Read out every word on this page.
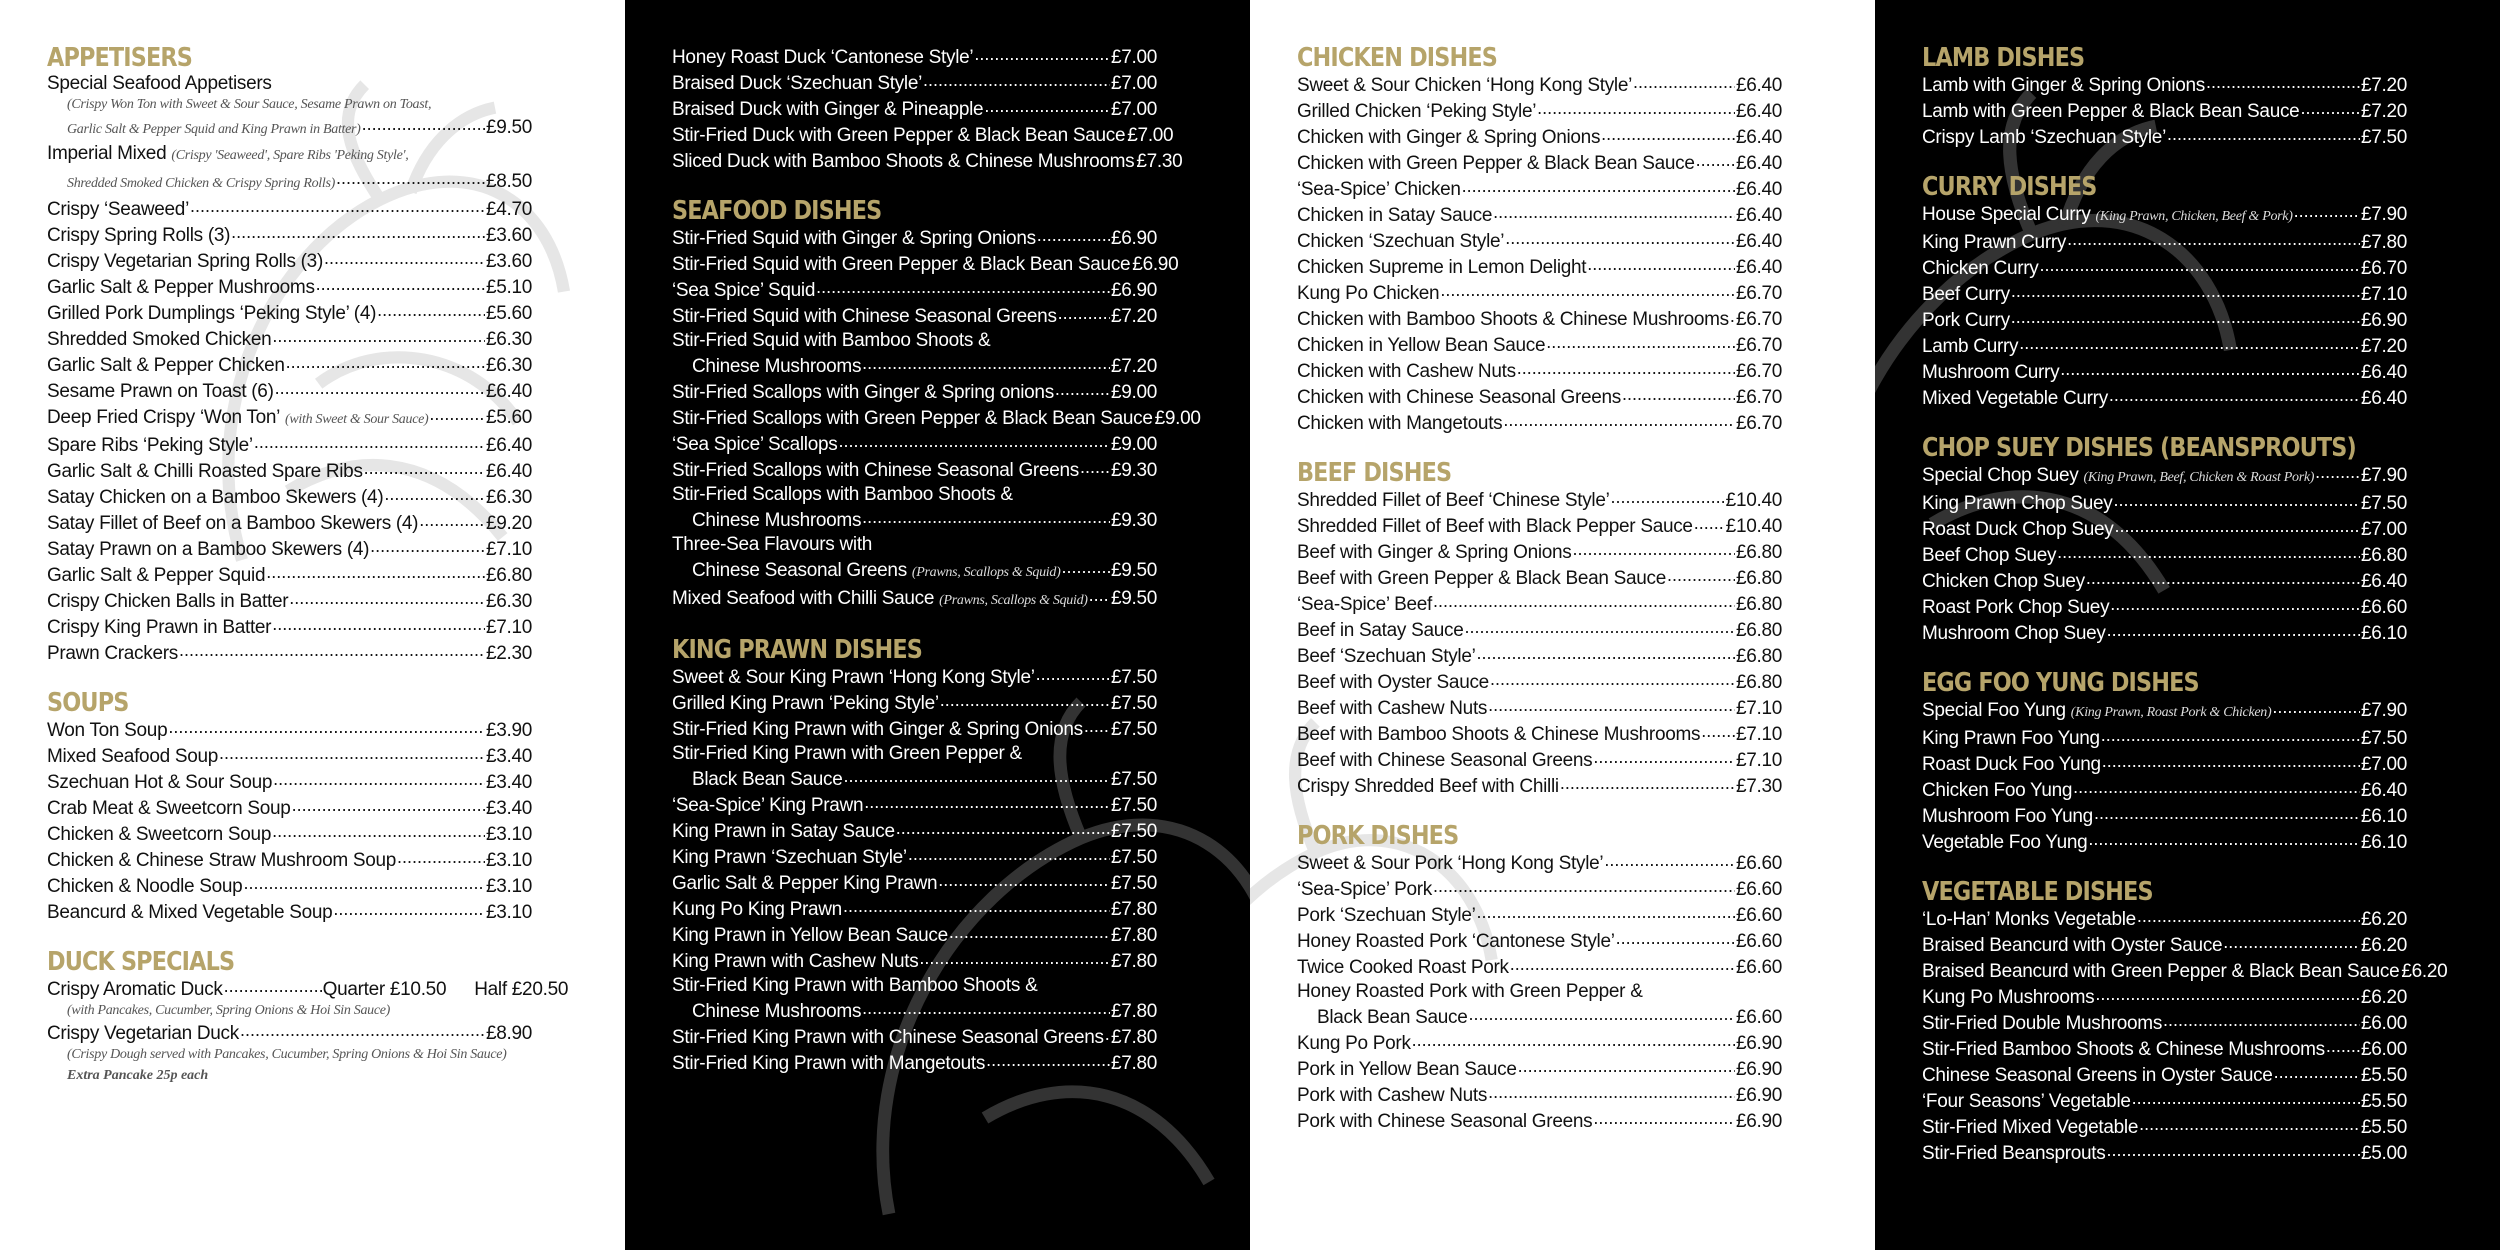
APPETISERS
Special Seafood Appetisers
(Crispy Won Ton with Sweet & Sour Sauce, Sesame Prawn on Toast,
Garlic Salt & Pepper Squid and King Prawn in Batter) .....	£9.50
Imperial Mixed (Crispy 'Seaweed', Spare Ribs 'Peking Style',
Shredded Smoked Chicken & Crispy Spring Rolls) .....	£8.50
Crispy ‘Seaweed’ .....	£4.70
Crispy Spring Rolls (3) .....	£3.60
Crispy Vegetarian Spring Rolls (3) .....	£3.60
Garlic Salt & Pepper Mushrooms .....	£5.10
Grilled Pork Dumplings ‘Peking Style’ (4) .....	£5.60
Shredded Smoked Chicken .....	£6.30
Garlic Salt & Pepper Chicken .....	£6.30
Sesame Prawn on Toast (6) .....	£6.40
Deep Fried Crispy ‘Won Ton’ (with Sweet & Sour Sauce) .....	£5.60
Spare Ribs ‘Peking Style’ .....	£6.40
Garlic Salt & Chilli Roasted Spare Ribs .....	£6.40
Satay Chicken on a Bamboo Skewers (4) .....	£6.30
Satay Fillet of Beef on a Bamboo Skewers (4) .....	£9.20
Satay Prawn on a Bamboo Skewers (4) .....	£7.10
Garlic Salt & Pepper Squid .....	£6.80
Crispy Chicken Balls in Batter .....	£6.30
Crispy King Prawn in Batter .....	£7.10
Prawn Crackers .....	£2.30
SOUPS
Won Ton Soup .....	£3.90
Mixed Seafood Soup .....	£3.40
Szechuan Hot & Sour Soup .....	£3.40
Crab Meat & Sweetcorn Soup .....	£3.40
Chicken & Sweetcorn Soup .....	£3.10
Chicken & Chinese Straw Mushroom Soup .....	£3.10
Chicken & Noodle Soup .....	£3.10
Beancurd & Mixed Vegetable Soup .....	£3.10
DUCK SPECIALS
Crispy Aromatic Duck .....	Quarter £10.50 Half £20.50
(with Pancakes, Cucumber, Spring Onions & Hoi Sin Sauce)
Crispy Vegetarian Duck .....	£8.90
(Crispy Dough served with Pancakes, Cucumber, Spring Onions & Hoi Sin Sauce)
Extra Pancake 25p each
Honey Roast Duck ‘Cantonese Style’ .....	£7.00
Braised Duck ‘Szechuan Style’ .....	£7.00
Braised Duck with Ginger & Pineapple .....	£7.00
Stir-Fried Duck with Green Pepper & Black Bean Sauce £7.00
Sliced Duck with Bamboo Shoots & Chinese Mushrooms £7.30
SEAFOOD DISHES
Stir-Fried Squid with Ginger & Spring Onions .....	£6.90
Stir-Fried Squid with Green Pepper & Black Bean Sauce £6.90
‘Sea Spice’ Squid .....	£6.90
Stir-Fried Squid with Chinese Seasonal Greens .....	£7.20
Stir-Fried Squid with Bamboo Shoots &
Chinese Mushrooms .....	£7.20
Stir-Fried Scallops with Ginger & Spring onions .....	£9.00
Stir-Fried Scallops with Green Pepper & Black Bean Sauce £9.00
‘Sea Spice’ Scallops .....	£9.00
Stir-Fried Scallops with Chinese Seasonal Greens ..... £9.30
Stir-Fried Scallops with Bamboo Shoots &
Chinese Mushrooms .....	£9.30
Three-Sea Flavours with
Chinese Seasonal Greens (Prawns, Scallops & Squid) .....	£9.50
Mixed Seafood with Chilli Sauce (Prawns, Scallops & Squid) ..... £9.50
KING PRAWN DISHES
Sweet & Sour King Prawn ‘Hong Kong Style’ .....	£7.50
Grilled King Prawn ‘Peking Style’ .....	£7.50
Stir-Fried King Prawn with Ginger & Spring Onions ..... £7.50
Stir-Fried King Prawn with Green Pepper &
Black Bean Sauce .....	£7.50
‘Sea-Spice’ King Prawn .....	£7.50
King Prawn in Satay Sauce .....	£7.50
King Prawn ‘Szechuan Style’ .....	£7.50
Garlic Salt & Pepper King Prawn .....	£7.50
Kung Po King Prawn .....	£7.80
King Prawn in Yellow Bean Sauce .....	£7.80
King Prawn with Cashew Nuts .....	£7.80
Stir-Fried King Prawn with Bamboo Shoots &
Chinese Mushrooms .....	£7.80
Stir-Fried King Prawn with Chinese Seasonal Greens ..... £7.80
Stir-Fried King Prawn with Mangetouts .....	£7.80
CHICKEN DISHES
Sweet & Sour Chicken ‘Hong Kong Style’ .....	£6.40
Grilled Chicken ‘Peking Style’ .....	£6.40
Chicken with Ginger & Spring Onions .....	£6.40
Chicken with Green Pepper & Black Bean Sauce ..... £6.40
‘Sea-Spice’ Chicken .....	£6.40
Chicken in Satay Sauce .....	£6.40
Chicken ‘Szechuan Style’ .....	£6.40
Chicken Supreme in Lemon Delight .....	£6.40
Kung Po Chicken .....	£6.70
Chicken with Bamboo Shoots & Chinese Mushrooms ..... £6.70
Chicken in Yellow Bean Sauce .....	£6.70
Chicken with Cashew Nuts .....	£6.70
Chicken with Chinese Seasonal Greens .....	£6.70
Chicken with Mangetouts .....	£6.70
BEEF DISHES
Shredded Fillet of Beef ‘Chinese Style’ .....	£10.40
Shredded Fillet of Beef with Black Pepper Sauce ..... £10.40
Beef with Ginger & Spring Onions .....	£6.80
Beef with Green Pepper & Black Bean Sauce .....	£6.80
‘Sea-Spice’ Beef .....	£6.80
Beef in Satay Sauce .....	£6.80
Beef ‘Szechuan Style’ .....	£6.80
Beef with Oyster Sauce .....	£6.80
Beef with Cashew Nuts .....	£7.10
Beef with Bamboo Shoots & Chinese Mushrooms ..... £7.10
Beef with Chinese Seasonal Greens .....	£7.10
Crispy Shredded Beef with Chilli .....	£7.30
PORK DISHES
Sweet & Sour Pork ‘Hong Kong Style’ .....	£6.60
‘Sea-Spice’ Pork .....	£6.60
Pork ‘Szechuan Style’ .....	£6.60
Honey Roasted Pork ‘Cantonese Style’ .....	£6.60
Twice Cooked Roast Pork .....	£6.60
Honey Roasted Pork with Green Pepper &
Black Bean Sauce .....	£6.60
Kung Po Pork .....	£6.90
Pork in Yellow Bean Sauce .....	£6.90
Pork with Cashew Nuts .....	£6.90
Pork with Chinese Seasonal Greens .....	£6.90
LAMB DISHES
Lamb with Ginger & Spring Onions .....	£7.20
Lamb with Green Pepper & Black Bean Sauce .....	£7.20
Crispy Lamb ‘Szechuan Style’ .....	£7.50
CURRY DISHES
House Special Curry (King Prawn, Chicken, Beef & Pork) .....	£7.90
King Prawn Curry .....	£7.80
Chicken Curry .....	£6.70
Beef Curry .....	£7.10
Pork Curry .....	£6.90
Lamb Curry .....	£7.20
Mushroom Curry .....	£6.40
Mixed Vegetable Curry .....	£6.40
CHOP SUEY DISHES (BEANSPROUTS)
Special Chop Suey (King Prawn, Beef, Chicken & Roast Pork) ..... £7.90
King Prawn Chop Suey .....	£7.50
Roast Duck Chop Suey .....	£7.00
Beef Chop Suey .....	£6.80
Chicken Chop Suey .....	£6.40
Roast Pork Chop Suey .....	£6.60
Mushroom Chop Suey .....	£6.10
EGG FOO YUNG DISHES
Special Foo Yung (King Prawn, Roast Pork & Chicken) .....	£7.90
King Prawn Foo Yung .....	£7.50
Roast Duck Foo Yung .....	£7.00
Chicken Foo Yung .....	£6.40
Mushroom Foo Yung .....	£6.10
Vegetable Foo Yung .....	£6.10
VEGETABLE DISHES
‘Lo-Han’ Monks Vegetable .....	£6.20
Braised Beancurd with Oyster Sauce .....	£6.20
Braised Beancurd with Green Pepper & Black Bean Sauce £6.20
Kung Po Mushrooms .....	£6.20
Stir-Fried Double Mushrooms .....	£6.00
Stir-Fried Bamboo Shoots & Chinese Mushrooms ..... £6.00
Chinese Seasonal Greens in Oyster Sauce .....	£5.50
‘Four Seasons’ Vegetable .....	£5.50
Stir-Fried Mixed Vegetable .....	£5.50
Stir-Fried Beansprouts .....	£5.00
